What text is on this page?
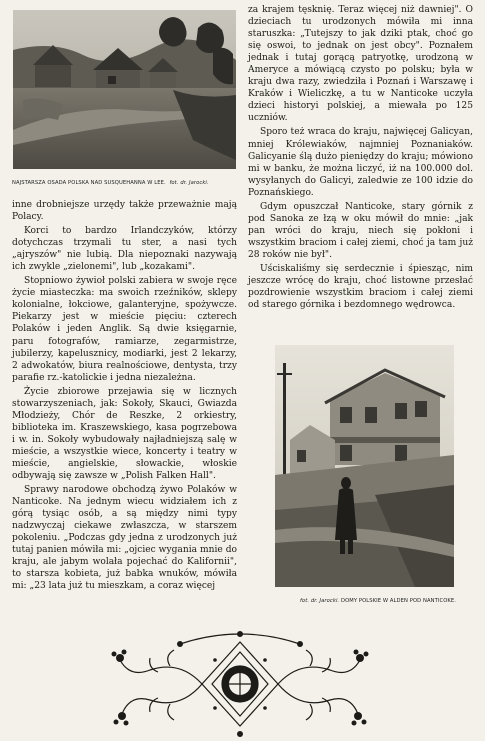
NAJSTARSZA OSADA POLSKA NAD SUSQUEHANNA W LEE. fot. dr. Jarocki.

inne drobniejsze urzędy także przeważnie mają Polacy.

Korci to bardzo Irlandczyków, którzy dotychczas trzymali tu ster, a nasi tych „ajryszów" nie lubią. Dla niepoznaki nazywają ich zwykle „zielonemi", lub „kozakami".

Stopniowo żywioł polski zabiera w swoje ręce życie miasteczka: ma swoich rzeźników, sklepy kolonialne, łokciowe, galanteryjne, spożywcze. Piekarzy jest w mieście pięciu: czterech Polaków i jeden Anglik. Są dwie księgarnie, paru fotografów, ramiarze, zegarmistrze, jubilerzy, kapelusznicy, modiarki, jest 2 lekarzy, 2 adwokatów, biura realnościowe, dentysta, trzy parafie rz.-katolickie i jedna niezależna.

Życie zbiorowe przejawia się w licznych stowarzyszeniach, jak: Sokoły, Skauci, Gwiazda Młodzieży, Chór de Reszke, 2 orkiestry, biblioteka im. Kraszewskiego, kasa pogrzebowa i w. in. Sokoły wybudowały najładniejszą salę w mieście, a wszystkie wiece, koncerty i teatry w mieście, angielskie, słowackie, włoskie odbywają się zawsze w „Polish Falken Hall".

Sprawy narodowe obchodzą żywo Polaków w Nanticoke. Na jednym wiecu widziałem ich z górą tysiąc osób, a są między nimi typy nadzwyczaj ciekawe zwłaszcza, w starszem pokoleniu. „Podczas gdy jedna z urodzonych już tutaj panien mówiła mi: „ojciec wygania mnie do kraju, ale jabym wolała pojechać do Kalifornii", to starsza kobieta, już babka wnuków, mówiła mi: „23 lata już tu mieszkam, a coraz więcej

za krajem tęsknię. Teraz więcej niż dawniej". O dzieciach tu urodzonych mówiła mi inna staruszka: „Tutejszy to jak dziki ptak, choć go się oswoi, to jednak on jest obcy". Poznałem jednak i tutaj gorącą patryotkę, urodzoną w Ameryce a mówiącą czysto po polsku; była w kraju dwa razy, zwiedziła i Poznań i Warszawę i Kraków i Wieliczkę, a tu w Nanticoke uczyła dzieci historyi polskiej, a miewała po 125 uczniów.

Sporo też wraca do kraju, najwięcej Galicyan, mniej Królewiaków, najmniej Poznaniaków. Galicyanie ślą dużo pieniędzy do kraju; mówiono mi w banku, że można liczyć, iż na 100.000 dol. wysyłanych do Galicyi, zaledwie ze 100 idzie do Poznańskiego.

Gdym opuszczał Nanticoke, stary górnik z pod Sanoka ze łzą w oku mówił do mnie: „jak pan wróci do kraju, niech się pokłoni i wszystkim braciom i całej ziemi, choć ja tam już 28 roków nie był".

Uściskaliśmy się serdecznie i śpiesząc, nim jeszcze wrócę do kraju, choć listowne przesłać pozdrowienie wszystkim braciom i całej ziemi od starego górnika i bezdomnego wędrowca.

fot. dr. Jarocki. DOMY POLSKIE W ALDEN POD NANTICOKE.
